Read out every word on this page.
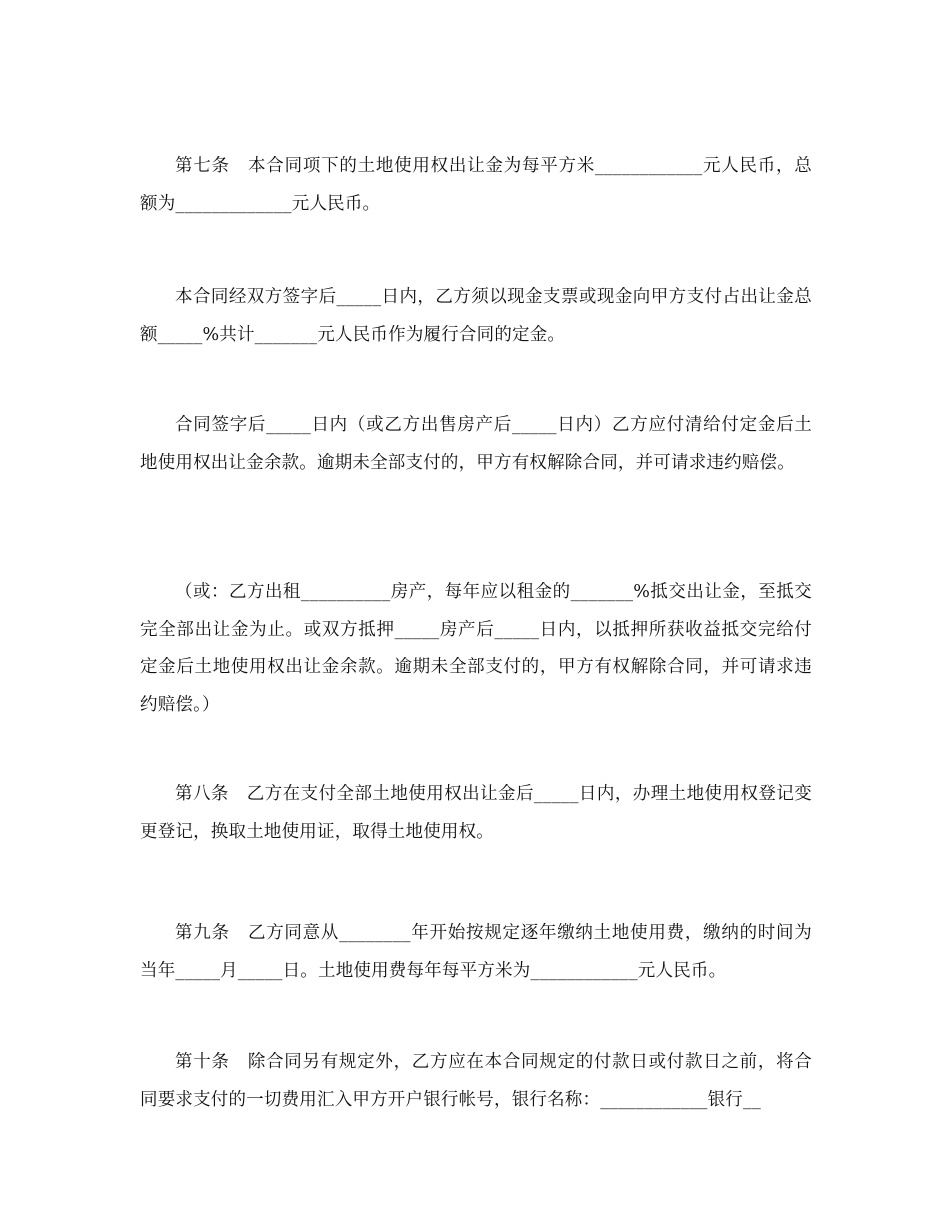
第七条　本合同项下的土地使用权出让金为每平方米____________元人民币，总额为_____________元人民币。

本合同经双方签字后_____日内，乙方须以现金支票或现金向甲方支付占出让金总额_____%共计_______元人民币作为履行合同的定金。

合同签字后_____日内（或乙方出售房产后_____日内）乙方应付清给付定金后土地使用权出让金余款。逾期未全部支付的，甲方有权解除合同，并可请求违约赔偿。

（或：乙方出租__________房产，每年应以租金的_______%抵交出让金，至抵交完全部出让金为止。或双方抵押_____房产后_____日内，以抵押所获收益抵交完给付定金后土地使用权出让金余款。逾期未全部支付的，甲方有权解除合同，并可请求违约赔偿。）

第八条　乙方在支付全部土地使用权出让金后_____日内，办理土地使用权登记变更登记，换取土地使用证，取得土地使用权。

第九条　乙方同意从________年开始按规定逐年缴纳土地使用费，缴纳的时间为当年_____月_____日。土地使用费每年每平方米为____________元人民币。

第十条　除合同另有规定外，乙方应在本合同规定的付款日或付款日之前，将合同要求支付的一切费用汇入甲方开户银行帐号，银行名称：____________银行__
